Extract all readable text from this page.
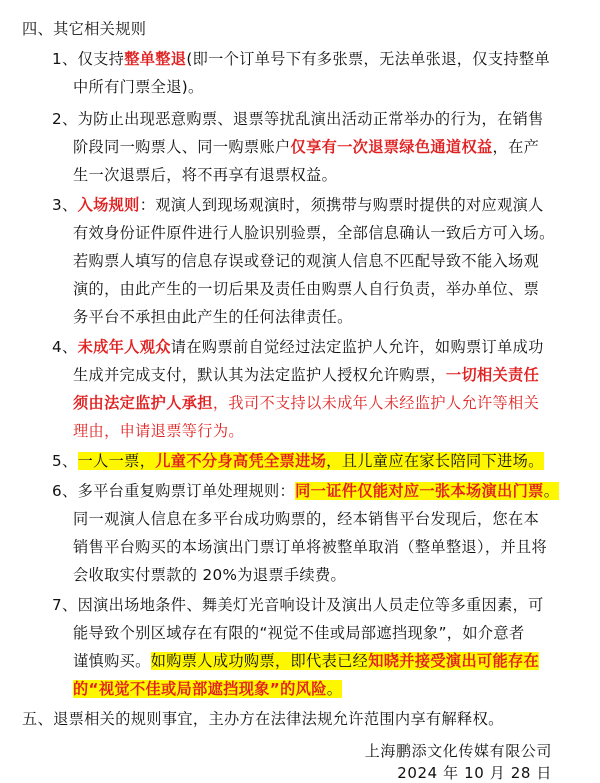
四、其它相关规则
1、仅支持整单整退(即一个订单号下有多张票，无法单张退，仅支持整单
中所有门票全退)。
2、为防止出现恶意购票、退票等扰乱演出活动正常举办的行为，在销售
阶段同一购票人、同一购票账户仅享有一次退票绿色通道权益，在产
生一次退票后，将不再享有退票权益。
3、入场规则：观演人到现场观演时，须携带与购票时提供的对应观演人
有效身份证件原件进行人脸识别验票，全部信息确认一致后方可入场。
若购票人填写的信息存误或登记的观演人信息不匹配导致不能入场观
演的，由此产生的一切后果及责任由购票人自行负责，举办单位、票
务平台不承担由此产生的任何法律责任。
4、未成年人观众请在购票前自觉经过法定监护人允许，如购票订单成功
生成并完成支付，默认其为法定监护人授权允许购票，一切相关责任
须由法定监护人承担，我司不支持以未成年人未经监护人允许等相关
理由，申请退票等行为。
5、一人一票，儿童不分身高凭全票进场，且儿童应在家长陪同下进场。
6、多平台重复购票订单处理规则：同一证件仅能对应一张本场演出门票。
同一观演人信息在多平台成功购票的，经本销售平台发现后，您在本
销售平台购买的本场演出门票订单将被整单取消（整单整退），并且将
会收取实付票款的 20%为退票手续费。
7、因演出场地条件、舞美灯光音响设计及演出人员走位等多重因素，可
能导致个别区域存在有限的“视觉不佳或局部遮挡现象”，如介意者
谨慎购买。如购票人成功购票，即代表已经知晓并接受演出可能存在
的“视觉不佳或局部遮挡现象”的风险。
五、退票相关的规则事宜，主办方在法律法规允许范围内享有解释权。
上海鹏添文化传媒有限公司
2024 年 10 月 28 日
